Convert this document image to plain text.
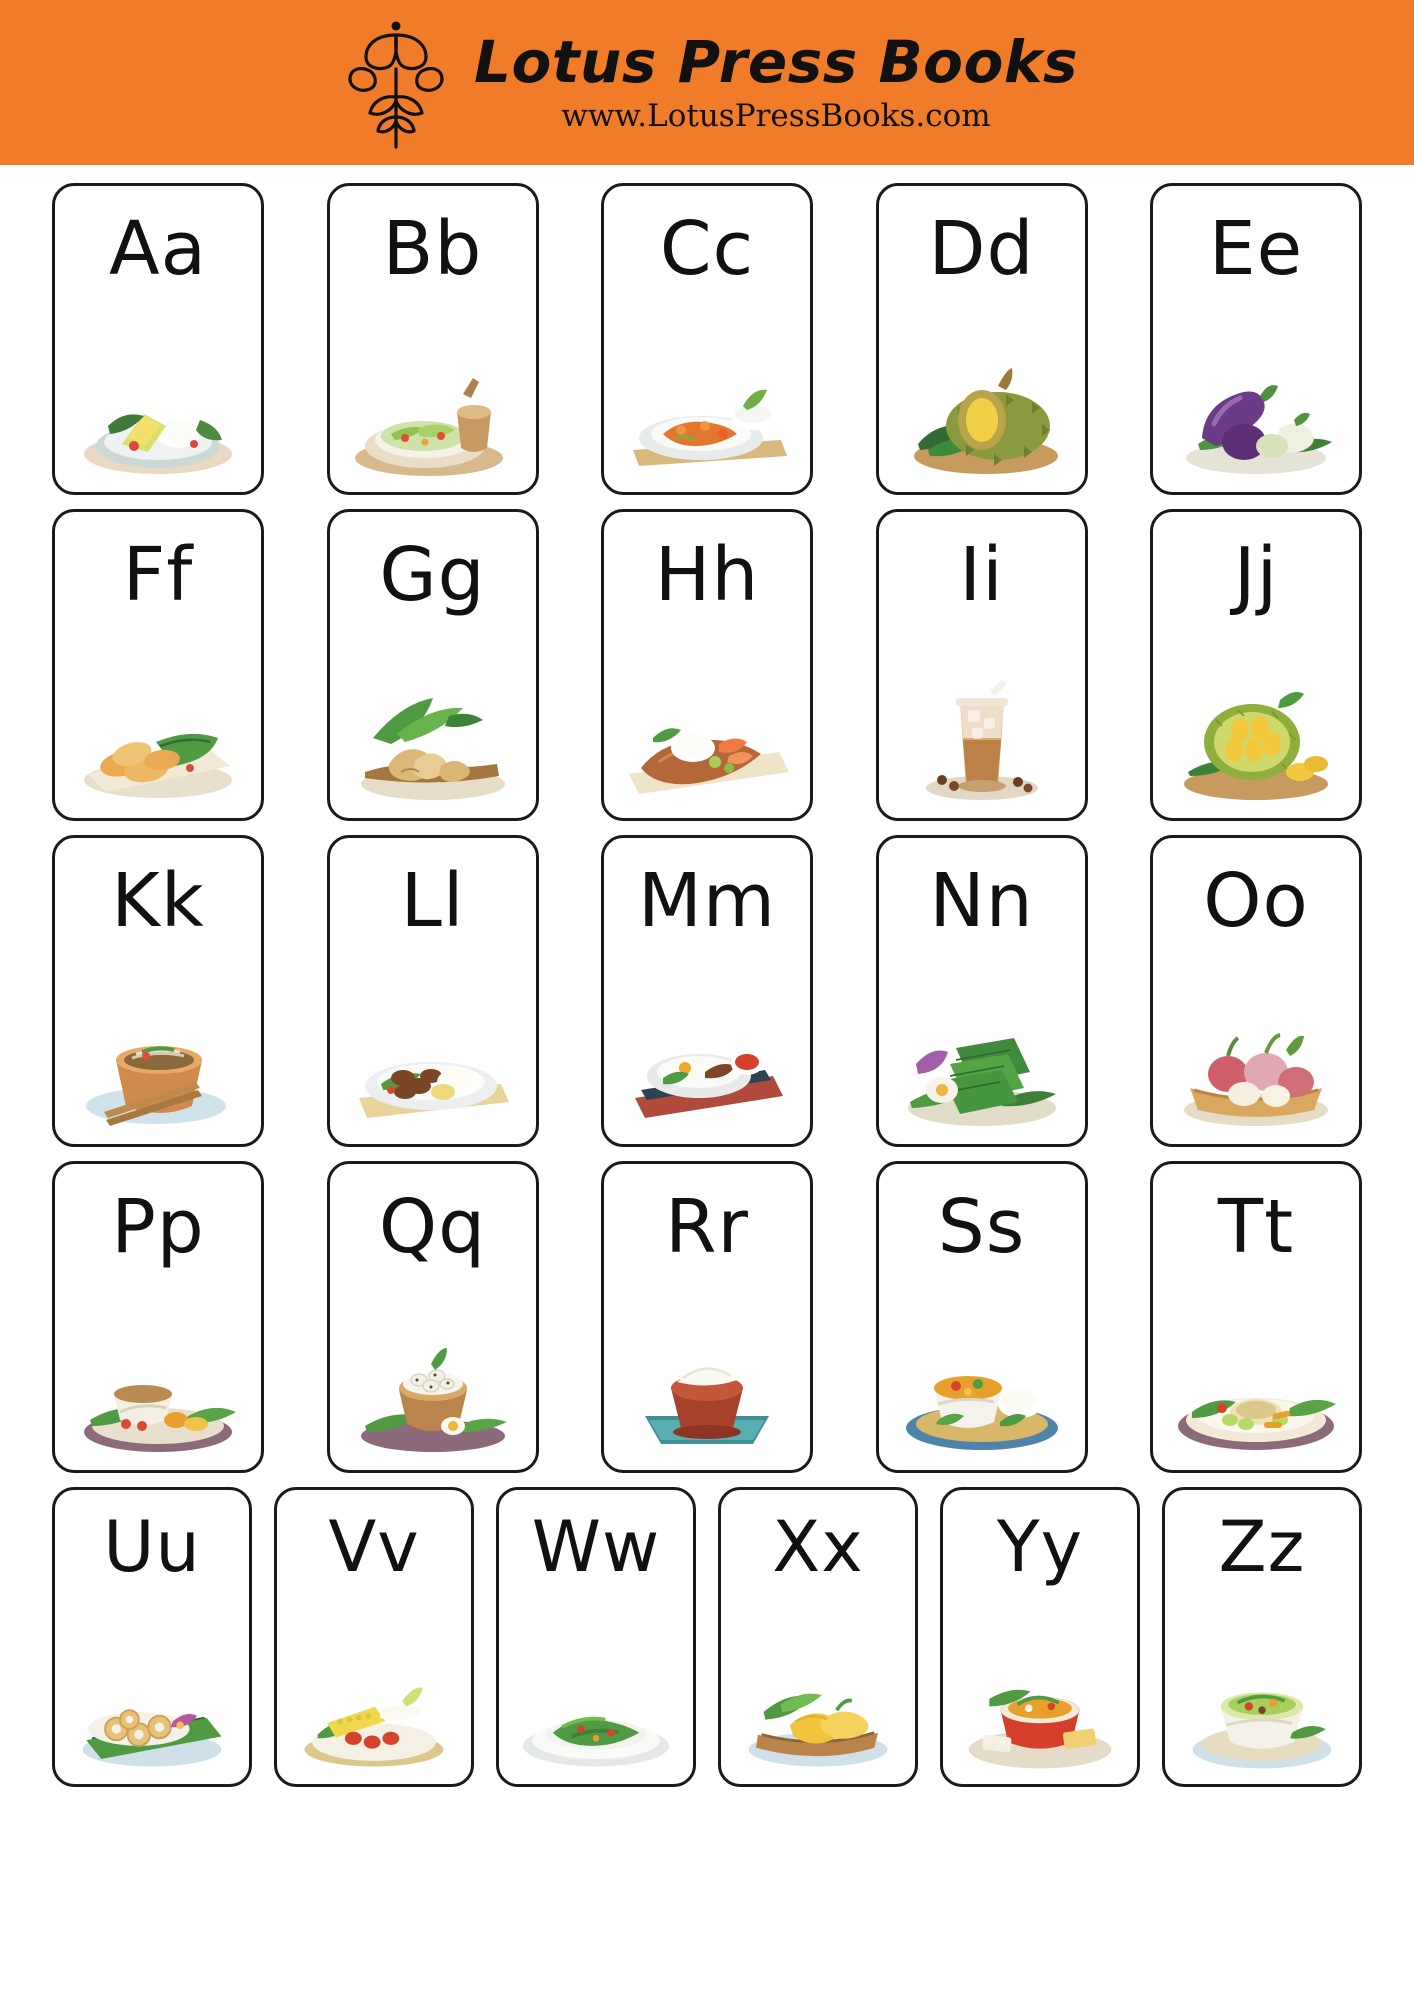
Lotus Press Books
www.LotusPressBooks.com
Aa Bb Cc Dd Ee
Ff	Gg Hh	Ii	Jj
Kk	Ll Mm Nn Oo
Pp Qq Rr	Ss	Tt
Uu Vv Ww Xx Yy Zz
